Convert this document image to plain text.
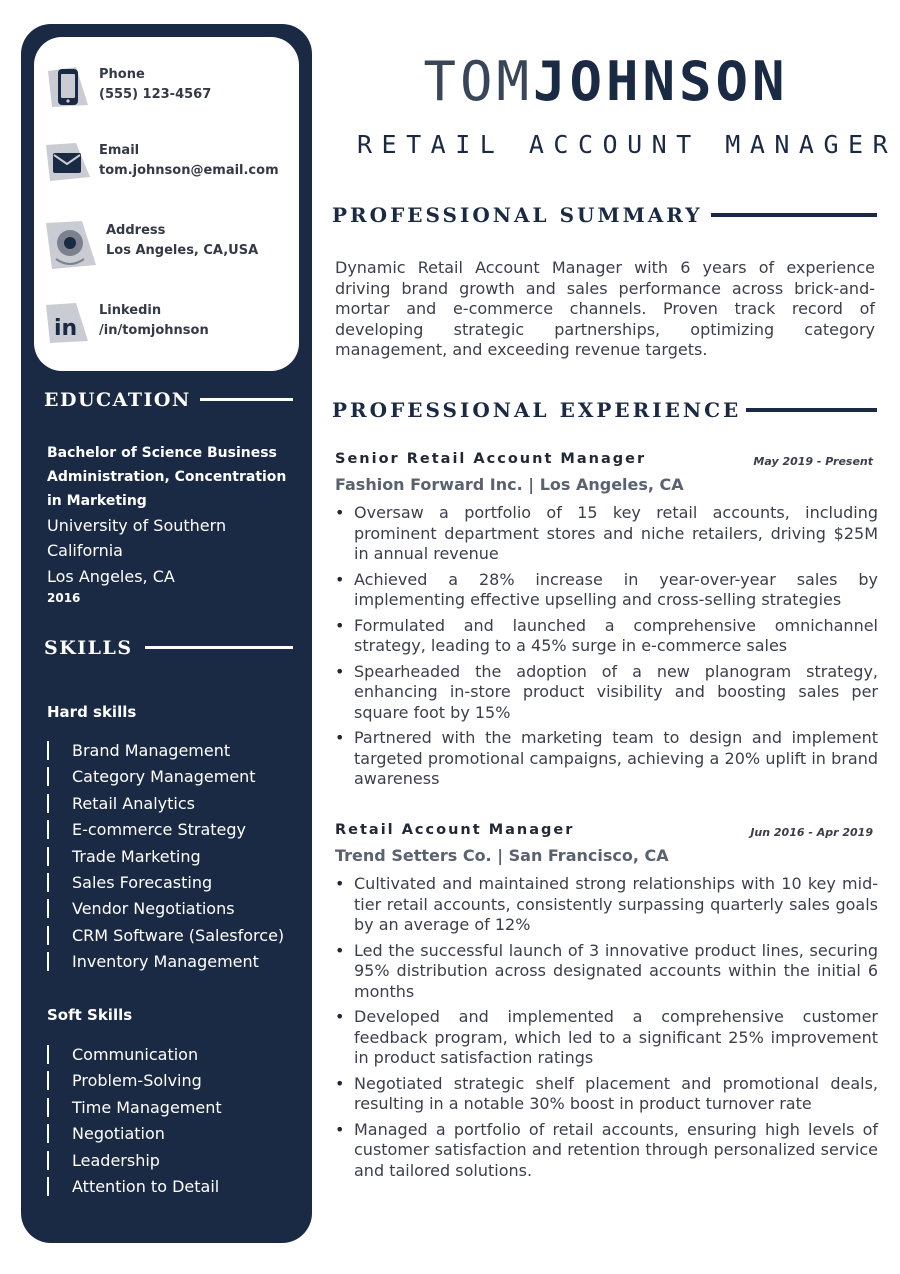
Phone
(555) 123-4567
Email
tom.johnson@email.com
Address
Los Angeles, CA,USA
in
Linkedin
/in/tomjohnson
EDUCATION
Bachelor of Science Business Administration, Concentration in Marketing
University of Southern
California
Los Angeles, CA
2016
SKILLS
Hard skills
Brand Management
Category Management
Retail Analytics
E-commerce Strategy
Trade Marketing
Sales Forecasting
Vendor Negotiations
CRM Software (Salesforce)
Inventory Management
Soft Skills
Communication
Problem-Solving
Time Management
Negotiation
Leadership
Attention to Detail
TOMJOHNSON
RETAIL ACCOUNT MANAGER
PROFESSIONAL SUMMARY
Dynamic Retail Account Manager with 6 years of experience driving brand growth and sales performance across brick-and-mortar and e-commerce channels. Proven track record of developing strategic partnerships, optimizing category management, and exceeding revenue targets.
PROFESSIONAL EXPERIENCE
Senior Retail Account Manager	May 2019 - Present
Fashion Forward Inc. | Los Angeles, CA
• Oversaw a portfolio of 15 key retail accounts, including prominent department stores and niche retailers, driving $25M in annual revenue
• Achieved a 28% increase in year-over-year sales by implementing effective upselling and cross-selling strategies
• Formulated and launched a comprehensive omnichannel strategy, leading to a 45% surge in e-commerce sales
• Spearheaded the adoption of a new planogram strategy, enhancing in-store product visibility and boosting sales per square foot by 15%
• Partnered with the marketing team to design and implement targeted promotional campaigns, achieving a 20% uplift in brand awareness
Retail Account Manager	Jun 2016 - Apr 2019
Trend Setters Co. | San Francisco, CA
• Cultivated and maintained strong relationships with 10 key mid-tier retail accounts, consistently surpassing quarterly sales goals by an average of 12%
• Led the successful launch of 3 innovative product lines, securing 95% distribution across designated accounts within the initial 6 months
• Developed and implemented a comprehensive customer feedback program, which led to a significant 25% improvement in product satisfaction ratings
• Negotiated strategic shelf placement and promotional deals, resulting in a notable 30% boost in product turnover rate
• Managed a portfolio of retail accounts, ensuring high levels of customer satisfaction and retention through personalized service and tailored solutions.
